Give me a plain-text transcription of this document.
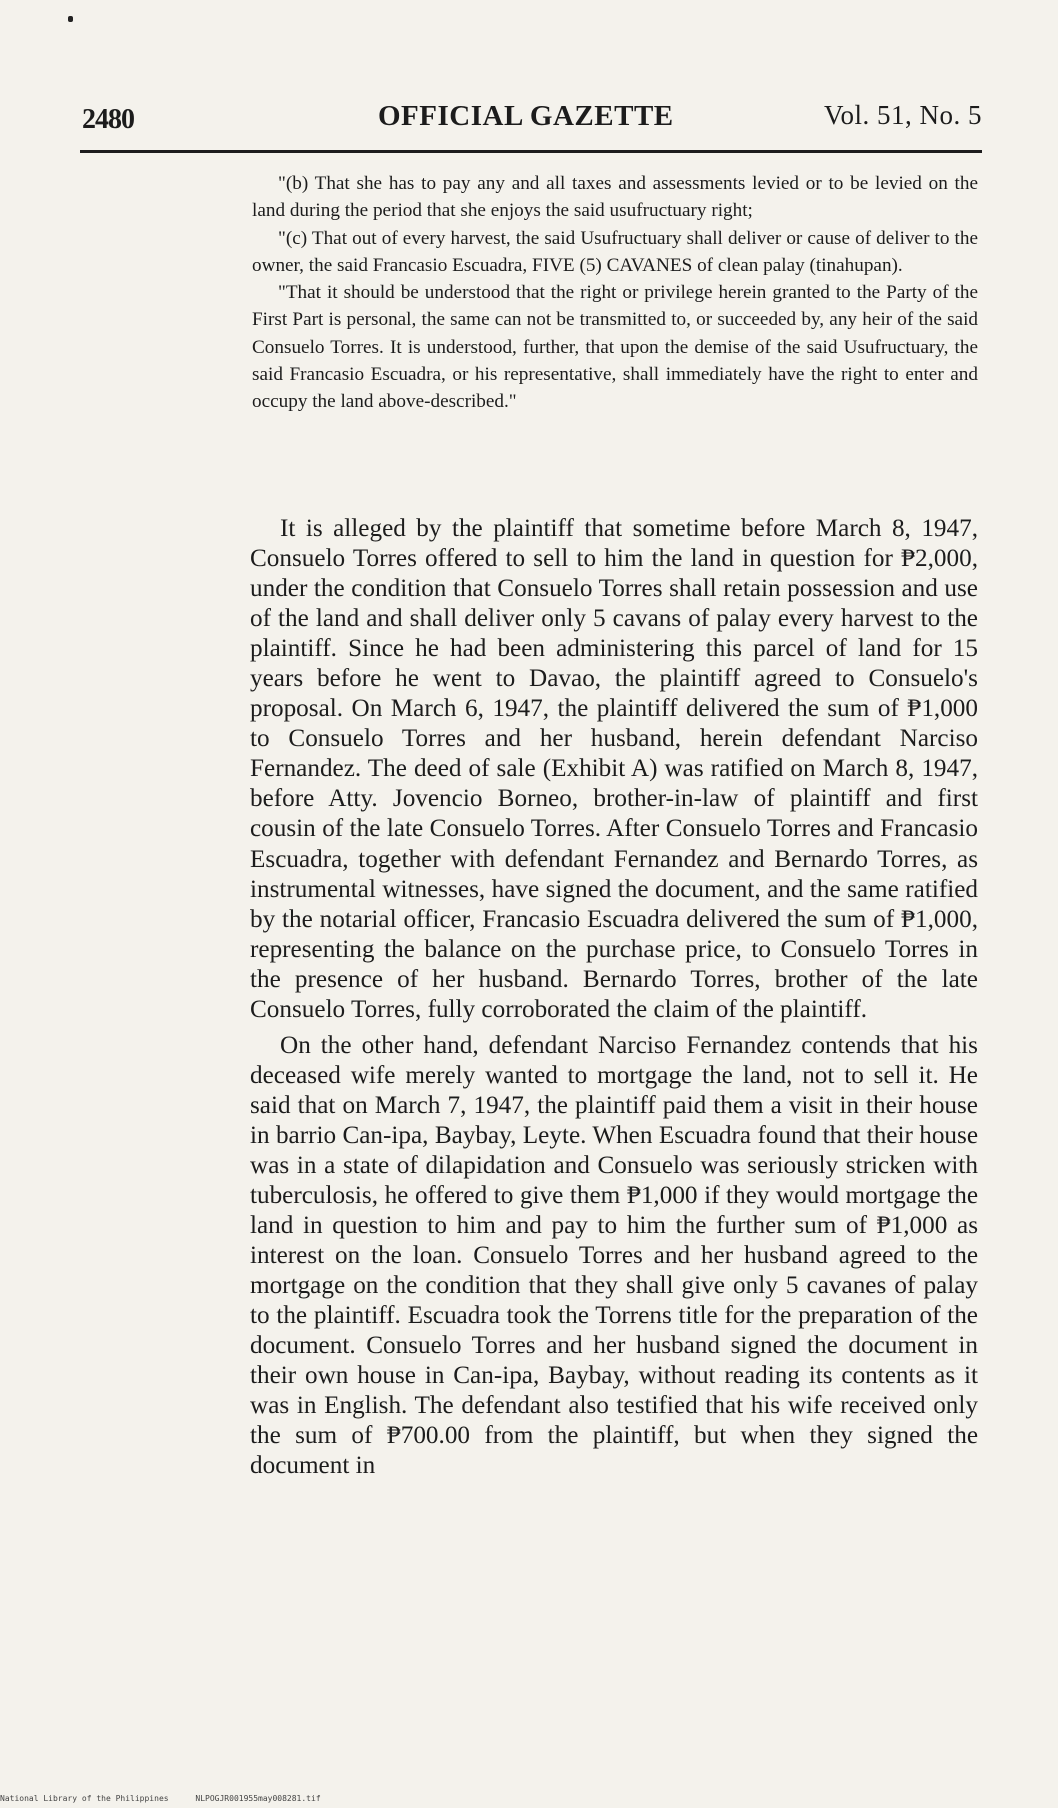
2480	OFFICIAL GAZETTE	Vol. 51, No. 5

"(b) That she has to pay any and all taxes and assessments levied or to be levied on the land during the period that she enjoys the said usufructuary right;

"(c) That out of every harvest, the said Usufructuary shall deliver or cause of deliver to the owner, the said Francasio Escuadra, FIVE (5) CAVANES of clean palay (tinahupan).

"That it should be understood that the right or privilege herein granted to the Party of the First Part is personal, the same can not be transmitted to, or succeeded by, any heir of the said Consuelo Torres. It is understood, further, that upon the demise of the said Usufructuary, the said Francasio Escuadra, or his representative, shall immediately have the right to enter and occupy the land above-described."

It is alleged by the plaintiff that sometime before March 8, 1947, Consuelo Torres offered to sell to him the land in question for ₱2,000, under the condition that Consuelo Torres shall retain possession and use of the land and shall deliver only 5 cavans of palay every harvest to the plaintiff. Since he had been administering this parcel of land for 15 years before he went to Davao, the plaintiff agreed to Consuelo's proposal. On March 6, 1947, the plaintiff delivered the sum of ₱1,000 to Consuelo Torres and her husband, herein defendant Narciso Fernandez. The deed of sale (Exhibit A) was ratified on March 8, 1947, before Atty. Jovencio Borneo, brother-in-law of plaintiff and first cousin of the late Consuelo Torres. After Consuelo Torres and Francasio Escuadra, together with defendant Fernandez and Bernardo Torres, as instrumental witnesses, have signed the document, and the same ratified by the notarial officer, Francasio Escuadra delivered the sum of ₱1,000, representing the balance on the purchase price, to Consuelo Torres in the presence of her husband. Bernardo Torres, brother of the late Consuelo Torres, fully corroborated the claim of the plaintiff.

On the other hand, defendant Narciso Fernandez contends that his deceased wife merely wanted to mortgage the land, not to sell it. He said that on March 7, 1947, the plaintiff paid them a visit in their house in barrio Can-ipa, Baybay, Leyte. When Escuadra found that their house was in a state of dilapidation and Consuelo was seriously stricken with tuberculosis, he offered to give them ₱1,000 if they would mortgage the land in question to him and pay to him the further sum of ₱1,000 as interest on the loan. Consuelo Torres and her husband agreed to the mortgage on the condition that they shall give only 5 cavanes of palay to the plaintiff. Escuadra took the Torrens title for the preparation of the document. Consuelo Torres and her husband signed the document in their own house in Can-ipa, Baybay, without reading its contents as it was in English. The defendant also testified that his wife received only the sum of ₱700.00 from the plaintiff, but when they signed the document in

National Library of the Philippines	NLPOGJR001955may008281.tif
